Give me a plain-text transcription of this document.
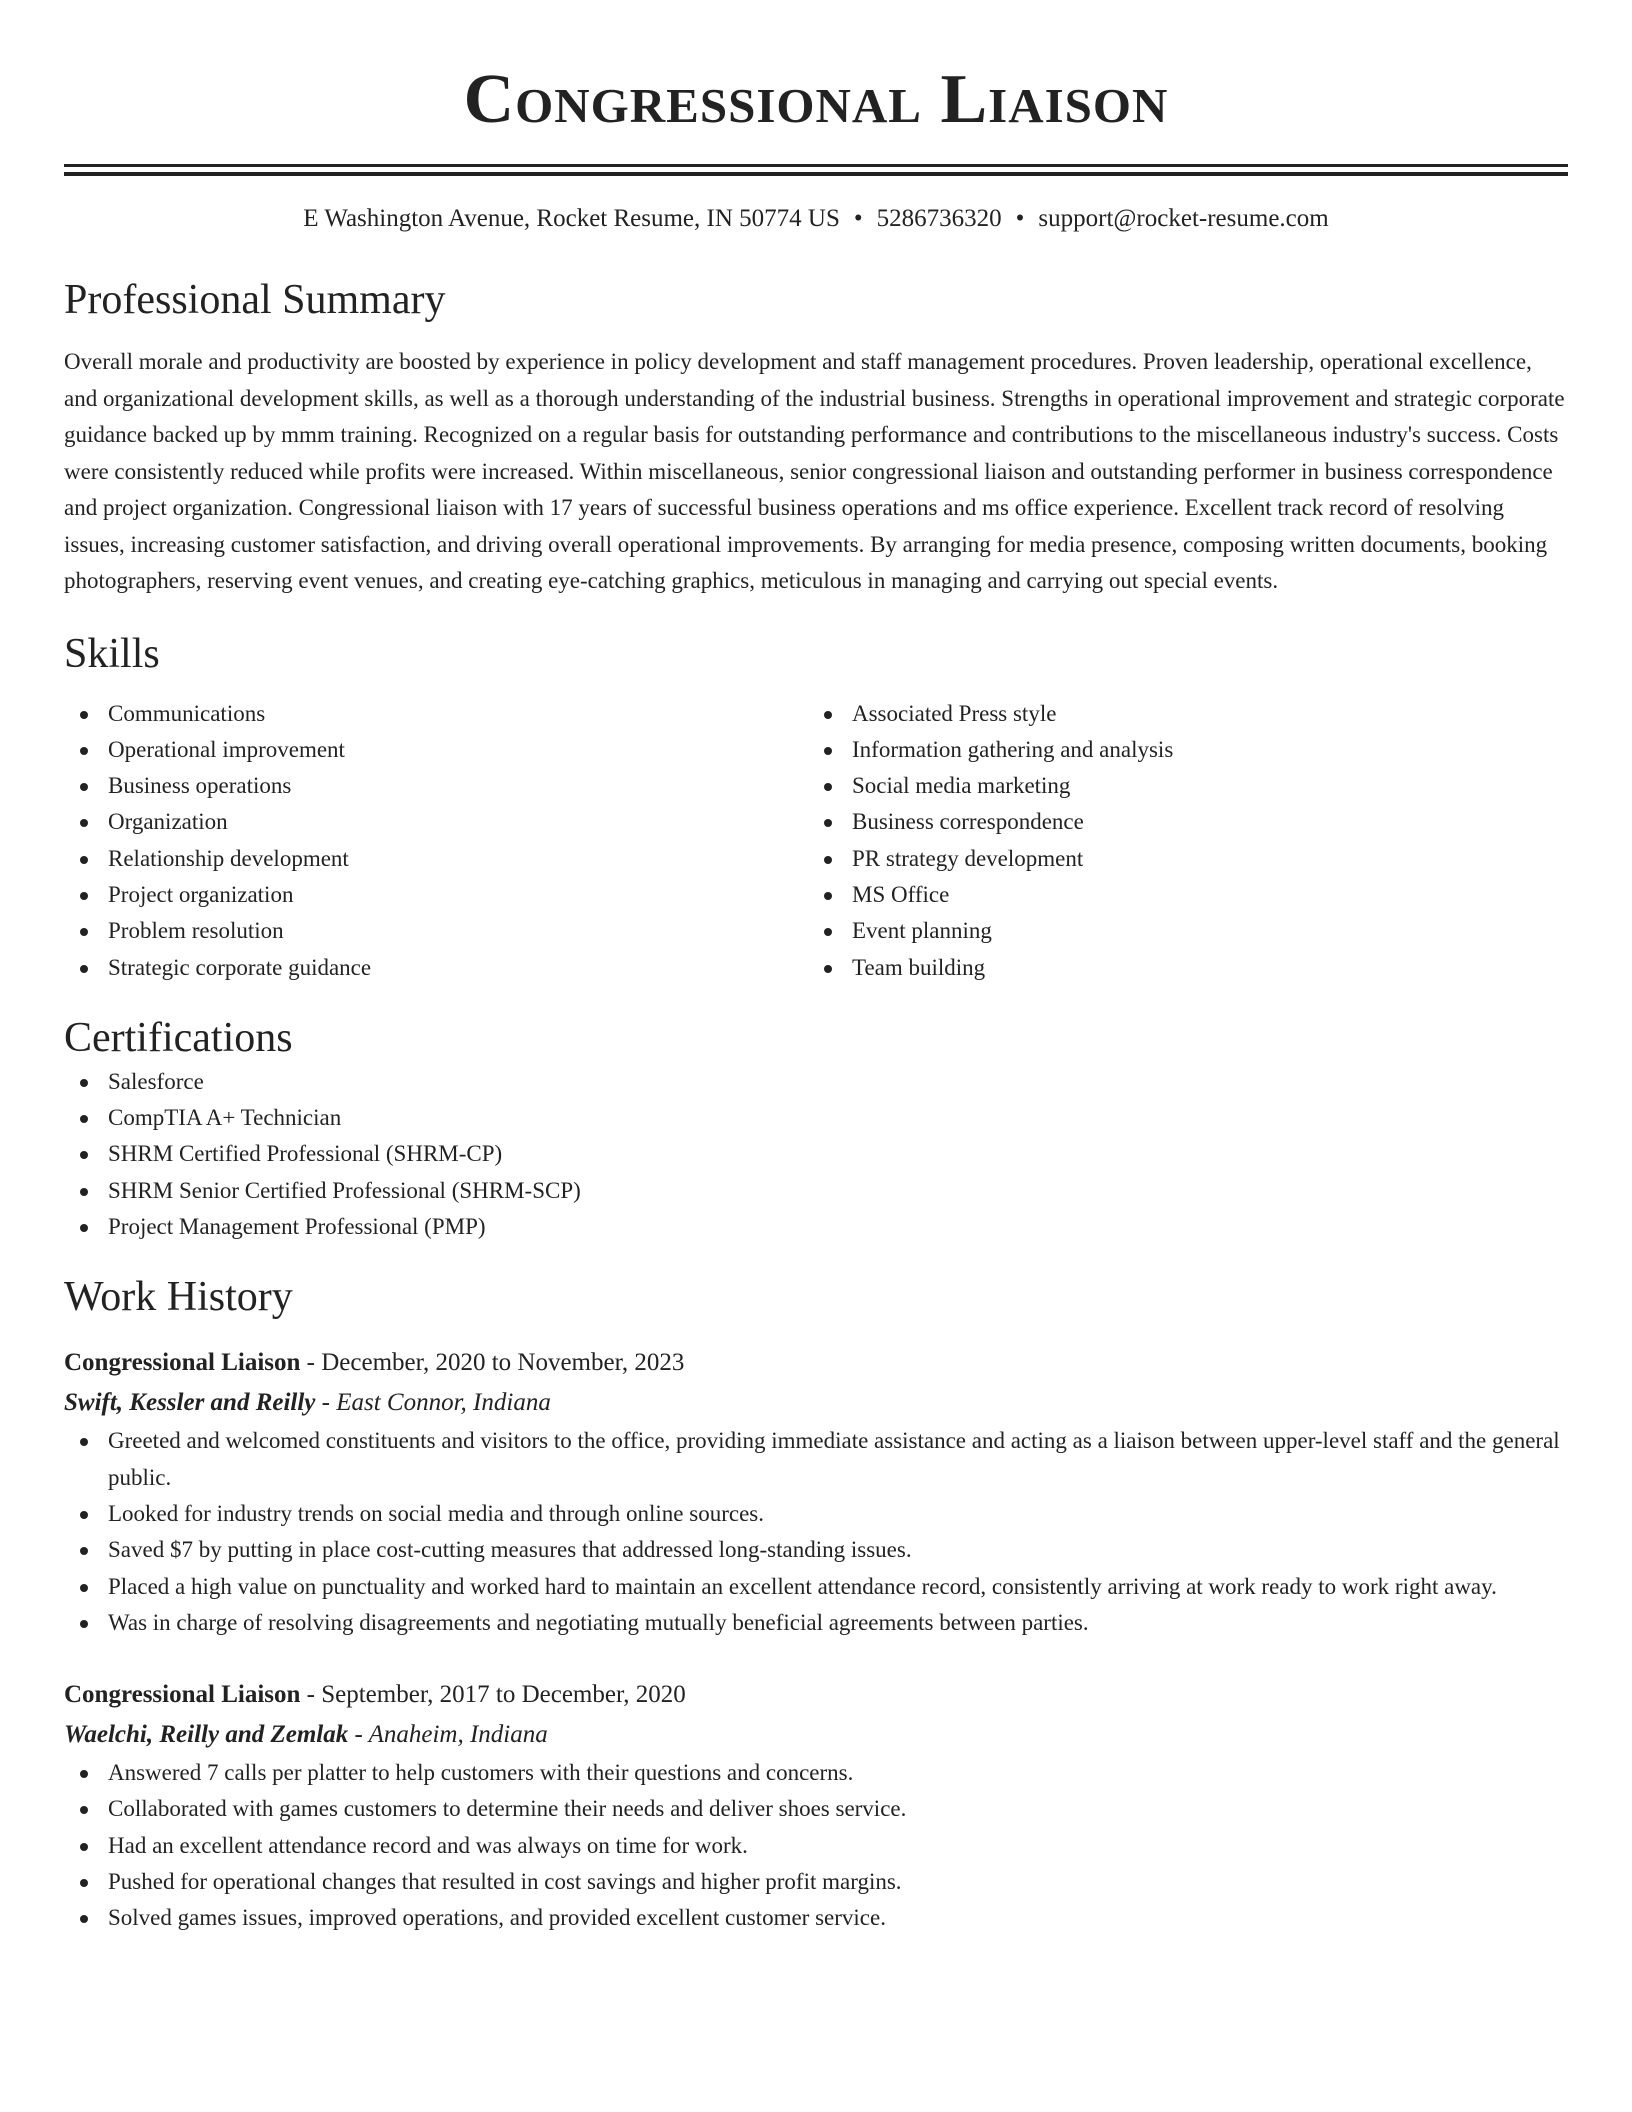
Congressional Liaison
E Washington Avenue, Rocket Resume, IN 50774 US • 5286736320 • support@rocket-resume.com
Professional Summary

Overall morale and productivity are boosted by experience in policy development and staff management procedures. Proven leadership, operational excellence, and organizational development skills, as well as a thorough understanding of the industrial business. Strengths in operational improvement and strategic corporate guidance backed up by mmm training. Recognized on a regular basis for outstanding performance and contributions to the miscellaneous industry's success. Costs were consistently reduced while profits were increased. Within miscellaneous, senior congressional liaison and outstanding performer in business correspondence and project organization. Congressional liaison with 17 years of successful business operations and ms office experience. Excellent track record of resolving issues, increasing customer satisfaction, and driving overall operational improvements. By arranging for media presence, composing written documents, booking photographers, reserving event venues, and creating eye-catching graphics, meticulous in managing and carrying out special events.

Skills
Communications
Operational improvement
Business operations
Organization
Relationship development
Project organization
Problem resolution
Strategic corporate guidance
Associated Press style
Information gathering and analysis
Social media marketing
Business correspondence
PR strategy development
MS Office
Event planning
Team building
Certifications
Salesforce
CompTIA A+ Technician
SHRM Certified Professional (SHRM-CP)
SHRM Senior Certified Professional (SHRM-SCP)
Project Management Professional (PMP)
Work History
Congressional Liaison - December, 2020 to November, 2023
Swift, Kessler and Reilly - East Connor, Indiana
Greeted and welcomed constituents and visitors to the office, providing immediate assistance and acting as a liaison between upper-level staff and the general public.
Looked for industry trends on social media and through online sources.
Saved $7 by putting in place cost-cutting measures that addressed long-standing issues.
Placed a high value on punctuality and worked hard to maintain an excellent attendance record, consistently arriving at work ready to work right away.
Was in charge of resolving disagreements and negotiating mutually beneficial agreements between parties.
Congressional Liaison - September, 2017 to December, 2020
Waelchi, Reilly and Zemlak - Anaheim, Indiana
Answered 7 calls per platter to help customers with their questions and concerns.
Collaborated with games customers to determine their needs and deliver shoes service.
Had an excellent attendance record and was always on time for work.
Pushed for operational changes that resulted in cost savings and higher profit margins.
Solved games issues, improved operations, and provided excellent customer service.
